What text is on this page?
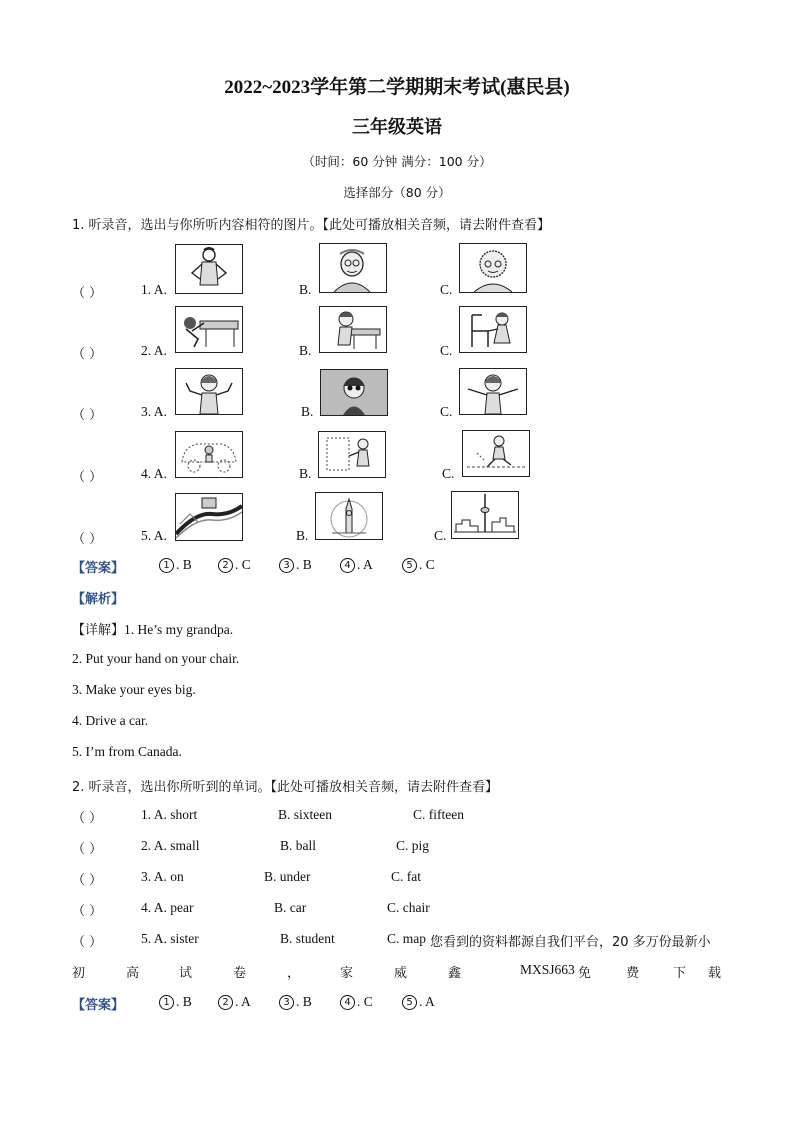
2022~2023学年第二学期期末考试(惠民县)
三年级英语
（时间：60 分钟 满分：100 分）
选择部分（80 分）
1. 听录音，选出与你所听内容相符的图片。【此处可播放相关音频，请去附件查看】
（ ）	1. A.	B.	C.
（ ）	2. A.	B.	C.
（ ）	3. A.	B.	C.
（ ）	4. A.	B.	C.
（ ）	5. A.	B.	C.
【答案】	1 . B	2 . C	3 . B	4 . A	5 . C
【解析】
【详解】1. He’s my grandpa.
2. Put your hand on your chair.
3. Make your eyes big.
4. Drive a car.
5. I’m from Canada.
2. 听录音，选出你所听到的单词。【此处可播放相关音频，请去附件查看】
（ ）	1. A. short	B. sixteen	C. fifteen
（ ）	2. A. small	B. ball	C. pig
（ ）	3. A. on	B. under	C. fat
（ ）	4. A. pear	B. car	C. chair
（ ）	5. A. sister	B. student	C. map 您看到的资料都源自我们平台，20 多万份最新小
初	高	试	卷	，	家	威	鑫	MXSJ663 免	费	下 载
【答案】	1 . B	2 . A	3 . B	4 . C	5 . A
